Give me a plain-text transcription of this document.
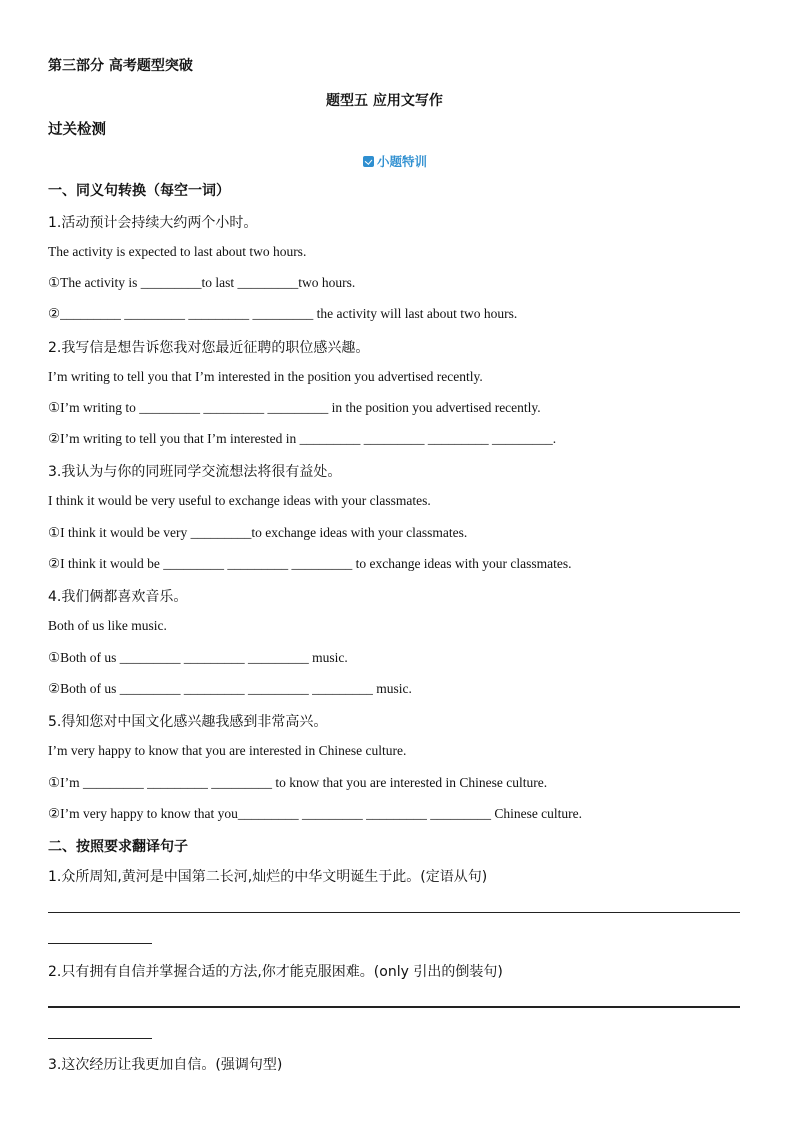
第三部分 高考题型突破
题型五 应用文写作
过关检测
小题特训
一、同义句转换（每空一词）
1.活动预计会持续大约两个小时。
The activity is expected to last about two hours.
①The activity is _________to last _________two hours.
②_________ _________ _________ _________ the activity will last about two hours.
2.我写信是想告诉您我对您最近征聘的职位感兴趣。
I’m writing to tell you that I’m interested in the position you advertised recently.
①I’m writing to _________ _________ _________ in the position you advertised recently.
②I’m writing to tell you that I’m interested in _________ _________ _________ _________.
3.我认为与你的同班同学交流想法将很有益处。
I think it would be very useful to exchange ideas with your classmates.
①I think it would be very _________to exchange ideas with your classmates.
②I think it would be _________ _________ _________ to exchange ideas with your classmates.
4.我们俩都喜欢音乐。
Both of us like music.
①Both of us _________ _________ _________ music.
②Both of us _________ _________ _________ _________ music.
5.得知您对中国文化感兴趣我感到非常高兴。
I’m very happy to know that you are interested in Chinese culture.
①I’m _________ _________ _________ to know that you are interested in Chinese culture.
②I’m very happy to know that you_________ _________ _________ _________ Chinese culture.
二、按照要求翻译句子
1.众所周知,黄河是中国第二长河,灿烂的中华文明诞生于此。(定语从句)
2.只有拥有自信并掌握合适的方法,你才能克服困难。(only 引出的倒装句)
3.这次经历让我更加自信。(强调句型)
